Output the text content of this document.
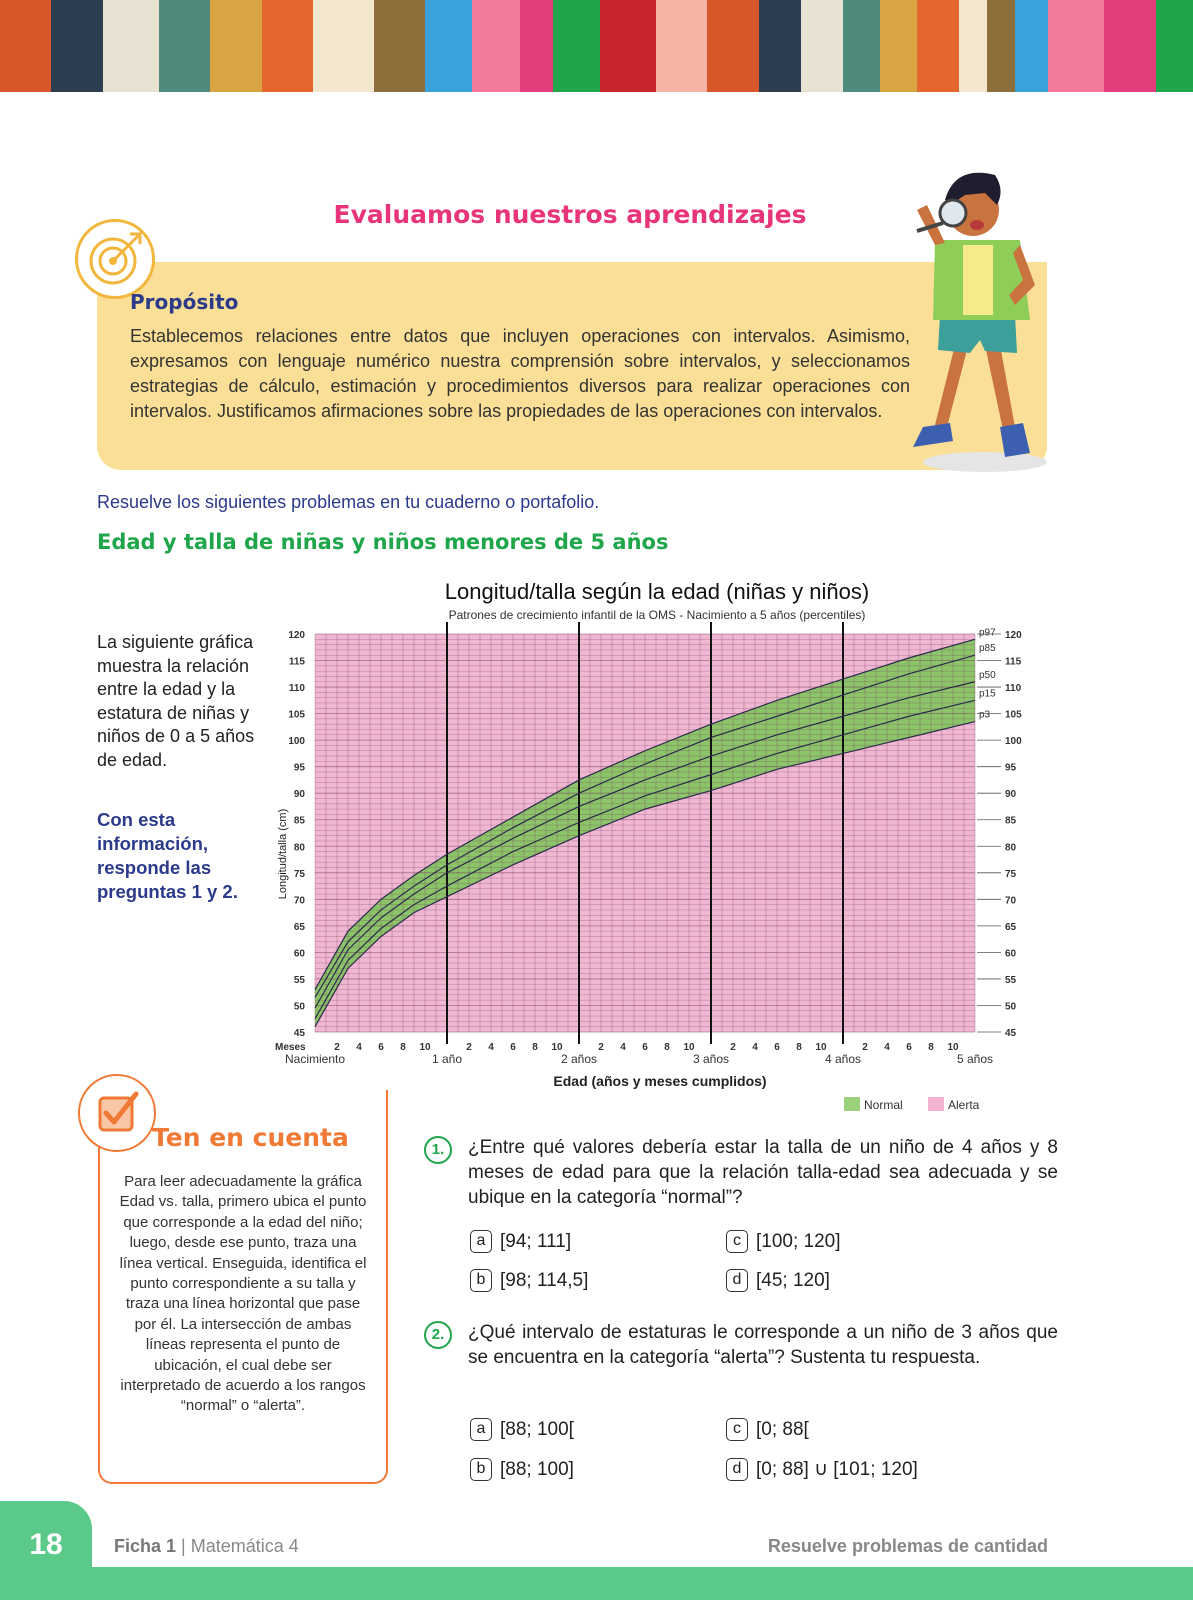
Evaluamos nuestros aprendizajes
Propósito
Establecemos relaciones entre datos que incluyen operaciones con intervalos. Asimismo, expresamos con lenguaje numérico nuestra comprensión sobre intervalos, y seleccionamos estrategias de cálculo, estimación y procedimientos diversos para realizar operaciones con intervalos. Justificamos afirmaciones sobre las propiedades de las operaciones con intervalos.
Resuelve los siguientes problemas en tu cuaderno o portafolio.
Edad y talla de niñas y niños menores de 5 años
La siguiente gráfica muestra la relación entre la edad y la estatura de niñas y niños de 0 a 5 años de edad.
Con esta información, responde las preguntas 1 y 2.
Longitud/talla según la edad (niñas y niños)
Patrones de crecimiento infantil de la OMS - Nacimiento a 5 años (percentiles)
Longitud/talla (cm)
Edad (años y meses cumplidos)
p97
p85
p50
p15
p3
45	45
50	50
55	55
60	60
65	65
70	70
75	75
80	80
85	85
90	90
95	95
100	100
105	105
110	110
115	115
120	120
Meses	2 4 6 8 10	2 4 6 8 10	2 4 6 8 10	2 4 6 8 10	2 4 6 8 10
Nacimiento	1 año	2 años	3 años	4 años	5 años
Normal	Alerta
Ten en cuenta
Para leer adecuadamente la gráfica Edad vs. talla, primero ubica el punto que corresponde a la edad del niño; luego, desde ese punto, traza una línea vertical. Enseguida, identifica el punto correspondiente a su talla y traza una línea horizontal que pase por él. La intersección de ambas líneas representa el punto de ubicación, el cual debe ser interpretado de acuerdo a los rangos “normal” o “alerta”.
1.	¿Entre qué valores debería estar la talla de un niño de 4 años y 8 meses de edad para que la relación talla-edad sea adecuada y se ubique en la categoría “normal”?
a [94; 111]
b [98; 114,5]
c [100; 120]
d [45; 120]
2.	¿Qué intervalo de estaturas le corresponde a un niño de 3 años que se encuentra en la categoría “alerta”? Sustenta tu respuesta.
a [88; 100[
b [88; 100]
c [0; 88[
d [0; 88] ∪ [101; 120]
18	Ficha 1 | Matemática 4	Resuelve problemas de cantidad
